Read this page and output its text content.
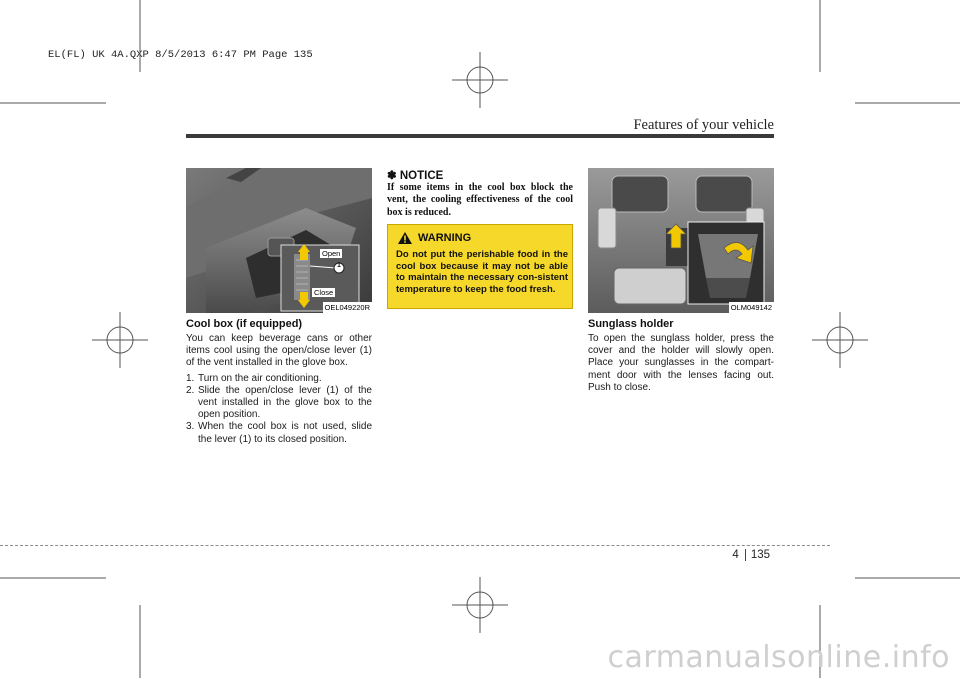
EL(FL) UK 4A.QXP 8/5/2013 6:47 PM Page 135
Features of your vehicle
Open
1
Close
OEL049220R
Cool box (if equipped)
You can keep beverage cans or other items cool using the open/close lever (1) of the vent installed in the glove box.
1. Turn on the air conditioning.
2. Slide the open/close lever (1) of the vent installed in the glove box to the open position.
3. When the cool box is not used, slide the lever (1) to its closed position.
✽ NOTICE
If some items in the cool box block the vent, the cooling effectiveness of the cool box is reduced.
WARNING
Do not put the perishable food in the cool box because it may not be able to maintain the necessary con-sistent temperature to keep the food fresh.
OLM049142
Sunglass holder
To open the sunglass holder, press the cover and the holder will slowly open. Place your sunglasses in the compart-ment door with the lenses facing out. Push to close.
4 135
carmanualsonline.info
